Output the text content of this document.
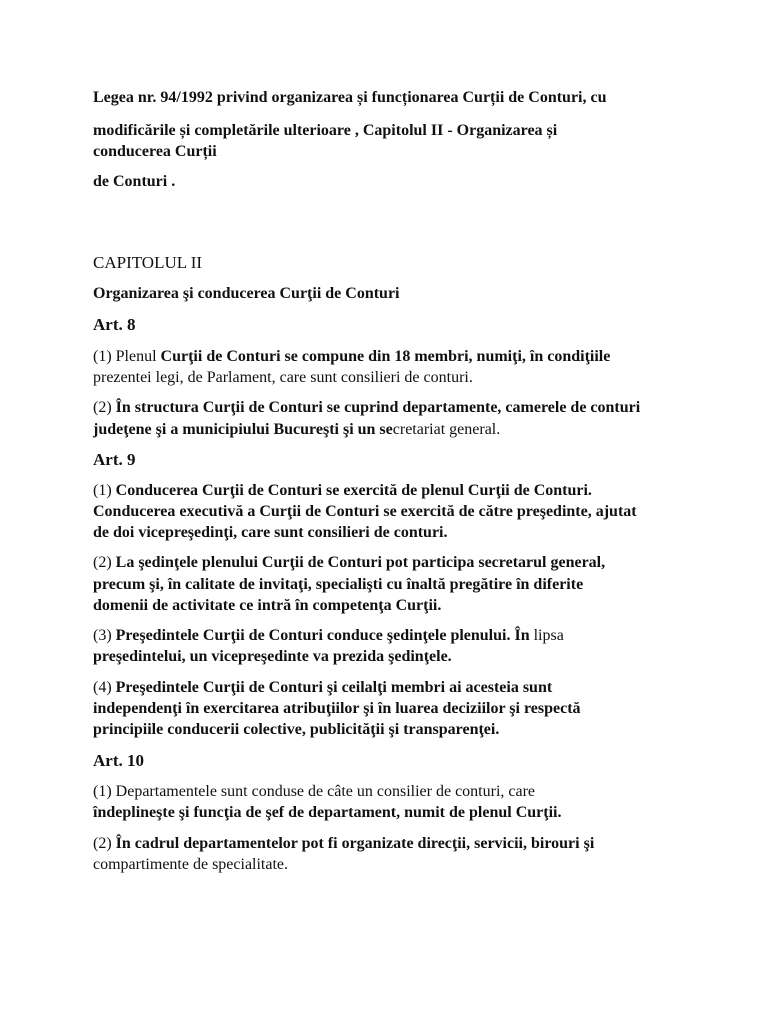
Legea nr. 94/1992 privind organizarea și funcționarea Curții de Conturi, cu
modificările și completările ulterioare , Capitolul II - Organizarea și
conducerea Curții
de Conturi .
CAPITOLUL II
Organizarea şi conducerea Curţii de Conturi
Art. 8
(1) Plenul Curţii de Conturi se compune din 18 membri, numiţi, în condiţiile
prezentei legi, de Parlament, care sunt consilieri de conturi.
(2) În structura Curţii de Conturi se cuprind departamente, camerele de conturi
judeţene şi a municipiului Bucureşti şi un secretariat general.
Art. 9
(1) Conducerea Curţii de Conturi se exercită de plenul Curţii de Conturi.
Conducerea executivă a Curţii de Conturi se exercită de către preşedinte, ajutat
de doi vicepreşedinţi, care sunt consilieri de conturi.
(2) La şedinţele plenului Curţii de Conturi pot participa secretarul general,
precum şi, în calitate de invitaţi, specialişti cu înaltă pregătire în diferite
domenii de activitate ce intră în competenţa Curţii.
(3) Preşedintele Curţii de Conturi conduce şedinţele plenului. În lipsa
preşedintelui, un vicepreşedinte va prezida şedinţele.
(4) Preşedintele Curţii de Conturi şi ceilalţi membri ai acesteia sunt
independenţi în exercitarea atribuţiilor şi în luarea deciziilor şi respectă
principiile conducerii colective, publicităţii şi transparenţei.
Art. 10
(1) Departamentele sunt conduse de câte un consilier de conturi, care
îndeplineşte şi funcţia de şef de departament, numit de plenul Curţii.
(2) În cadrul departamentelor pot fi organizate direcţii, servicii, birouri şi
compartimente de specialitate.
